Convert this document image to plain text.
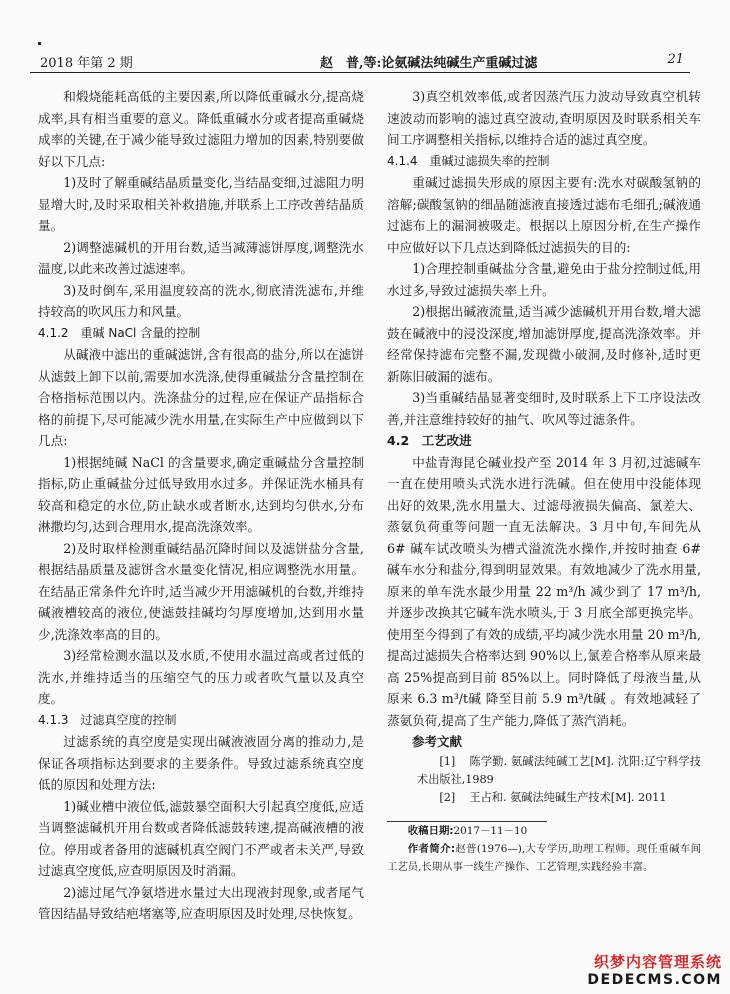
2018 年第 2 期	赵　普,等:论氨碱法纯碱生产重碱过滤	21

和煅烧能耗高低的主要因素,所以降低重碱水分,提高烧成率,具有相当重要的意义。降低重碱水分或者提高重碱烧成率的关键,在于减少能导致过滤阻力增加的因素,特别要做好以下几点:

1)及时了解重碱结晶质量变化,当结晶变细,过滤阻力明显增大时,及时采取相关补救措施,并联系上工序改善结晶质量。

2)调整滤碱机的开用台数,适当减薄滤饼厚度,调整洗水温度,以此来改善过滤速率。

3)及时倒车,采用温度较高的洗水,彻底清洗滤布,并维持较高的吹风压力和风量。

4.1.2　重碱 NaCl 含量的控制

从碱液中滤出的重碱滤饼,含有很高的盐分,所以在滤饼从滤鼓上卸下以前,需要加水洗涤,使得重碱盐分含量控制在合格指标范围以内。洗涤盐分的过程,应在保证产品指标合格的前提下,尽可能减少洗水用量,在实际生产中应做到以下几点:

1)根据纯碱 NaCl 的含量要求,确定重碱盐分含量控制指标,防止重碱盐分过低导致用水过多。并保证洗水桶具有较高和稳定的水位,防止缺水或者断水,达到均匀供水,分布淋撒均匀,达到合理用水,提高洗涤效率。

2)及时取样检测重碱结晶沉降时间以及滤饼盐分含量,根据结晶质量及滤饼含水量变化情况,相应调整洗水用量。在结晶正常条件允许时,适当减少开用滤碱机的台数,并维持碱液槽较高的液位,使滤鼓挂碱均匀厚度增加,达到用水量少,洗涤效率高的目的。

3)经常检测水温以及水质,不使用水温过高或者过低的洗水,并维持适当的压缩空气的压力或者吹气量以及真空度。

4.1.3　过滤真空度的控制

过滤系统的真空度是实现出碱液液固分离的推动力,是保证各项指标达到要求的主要条件。导致过滤系统真空度低的原因和处理方法:

1)碱业槽中液位低,滤鼓暴空面积大引起真空度低,应适当调整滤碱机开用台数或者降低滤鼓转速,提高碱液槽的液位。停用或者备用的滤碱机真空阀门不严或者未关严,导致过滤真空度低,应查明原因及时消漏。

2)滤过尾气净氨塔进水量过大出现液封现象,或者尾气管因结晶导致结疤堵塞等,应查明原因及时处理,尽快恢复。

3)真空机效率低,或者因蒸汽压力波动导致真空机转速波动而影响的滤过真空波动,查明原因及时联系相关车间工序调整相关指标,以维持合适的滤过真空度。

4.1.4　重碱过滤损失率的控制

重碱过滤损失形成的原因主要有:洗水对碳酸氢钠的溶解;碳酸氢钠的细晶随滤液直接透过滤布毛细孔;碱液通过滤布上的漏洞被吸走。根据以上原因分析,在生产操作中应做好以下几点达到降低过滤损失的目的:

1)合理控制重碱盐分含量,避免由于盐分控制过低,用水过多,导致过滤损失率上升。

2)根据出碱液流量,适当减少滤碱机开用台数,增大滤鼓在碱液中的浸没深度,增加滤饼厚度,提高洗涤效率。并经常保持滤布完整不漏,发现微小破洞,及时修补,适时更新陈旧破漏的滤布。

3)当重碱结晶显著变细时,及时联系上下工序设法改善,并注意维持较好的抽气、吹风等过滤条件。

4.2　工艺改进

中盐青海昆仑碱业投产至 2014 年 3 月初,过滤碱车一直在使用喷头式洗水进行洗碱。但在使用中没能体现出好的效果,洗水用量大、过滤母液损失偏高、氯差大、蒸氨负荷重等问题一直无法解决。3 月中旬,车间先从 6# 碱车试改喷头为槽式溢流洗水操作,并按时抽查 6# 碱车水分和盐分,得到明显效果。有效地减少了洗水用量,原来的单车洗水最少用量 22 m³/h 减少到了 17 m³/h,并逐步改换其它碱车洗水喷头,于 3 月底全部更换完毕。使用至今得到了有效的成绩,平均减少洗水用量 20 m³/h,提高过滤损失合格率达到 90%以上,氯差合格率从原来最高 25%提高到目前 85%以上。同时降低了母液当量,从原来 6.3 m³/t碱 降至目前 5.9 m³/t碱 。有效地减轻了蒸氨负荷,提高了生产能力,降低了蒸汽消耗。

参考文献

[1] 陈学勤. 氨碱法纯碱工艺[M]. 沈阳:辽宁科学技术出版社,1989

[2] 王占和. 氨碱法纯碱生产技术[M]. 2011

收稿日期:2017－11－10

作者简介:赵普(1976—),大专学历,助理工程师。现任重碱车间工艺员,长期从事一线生产操作、工艺管理,实践经验丰富。

织梦内容管理系统
DEDECMS.COM
